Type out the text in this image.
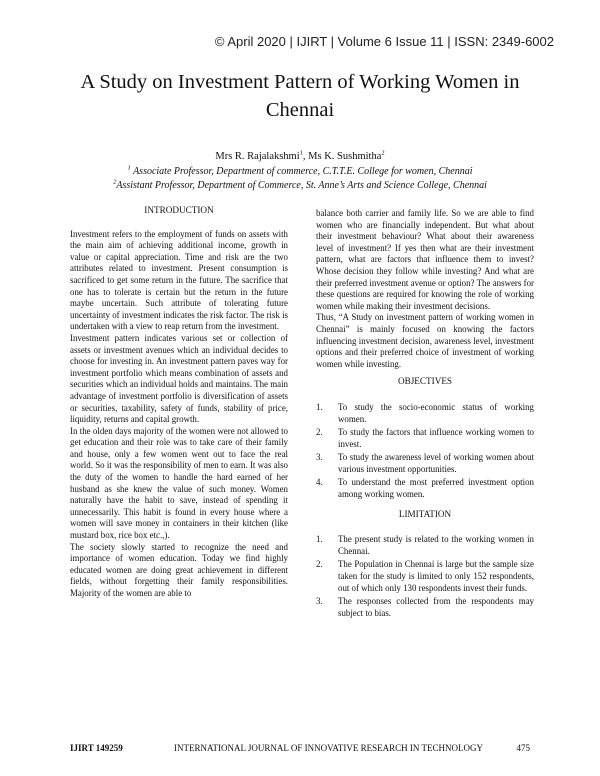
© April 2020 | IJIRT | Volume 6 Issue 11 | ISSN: 2349-6002
A Study on Investment Pattern of Working Women in
Chennai
Mrs R. Rajalakshmi$^1$, Ms K. Sushmitha$^2$
$^1$ Associate Professor, Department of commerce, C.T.T.E. College for women, Chennai
$^2$Assistant Professor, Department of Commerce, St. Anne’s Arts and Science College, Chennai
INTRODUCTION

Investment refers to the employment of funds on assets with the main aim of achieving additional income, growth in value or capital appreciation. Time and risk are the two attributes related to investment. Present consumption is sacrificed to get some return in the future. The sacrifice that one has to tolerate is certain but the return in the future maybe uncertain. Such attribute of tolerating future uncertainty of investment indicates the risk factor. The risk is undertaken with a view to reap return from the investment.

Investment pattern indicates various set or collection of assets or investment avenues which an individual decides to choose for investing in. An investment pattern paves way for investment portfolio which means combination of assets and securities which an individual holds and maintains. The main advantage of investment portfolio is diversification of assets or securities, taxability, safety of funds, stability of price, liquidity, returns and capital growth.

In the olden days majority of the women were not allowed to get education and their role was to take care of their family and house, only a few women went out to face the real world. So it was the responsibility of men to earn. It was also the duty of the women to handle the hard earned of her husband as she knew the value of such money. Women naturally have the habit to save, instead of spending it unnecessarily. This habit is found in every house where a women will save money in containers in their kitchen (like mustard box, rice box etc.,).

The society slowly started to recognize the need and importance of women education. Today we find highly educated women are doing great achievement in different fields, without forgetting their family responsibilities. Majority of the women are able to

balance both carrier and family life. So we are able to find women who are financially independent. But what about their investment behaviour? What about their awareness level of investment? If yes then what are their investment pattern, what are factors that influence them to invest? Whose decision they follow while investing? And what are their preferred investment avenue or option? The answers for these questions are required for knowing the role of working women while making their investment decisions.

Thus, “A Study on investment pattern of working women in Chennai” is mainly focused on knowing the factors influencing investment decision, awareness level, investment options and their preferred choice of investment of working women while investing.

OBJECTIVES
1.	To study the socio-economic status of working women.
2.	To study the factors that influence working women to invest.
3.	To study the awareness level of working women about various investment opportunities.
4.	To understand the most preferred investment option among working women.
LIMITATION
1.	The present study is related to the working women in Chennai.
2.	The Population in Chennai is large but the sample size taken for the study is limited to only 152 respondents, out of which only 130 respondents invest their funds.
3.	The responses collected from the respondents may subject to bias.
IJIRT 149259	INTERNATIONAL JOURNAL OF INNOVATIVE RESEARCH IN TECHNOLOGY	475
